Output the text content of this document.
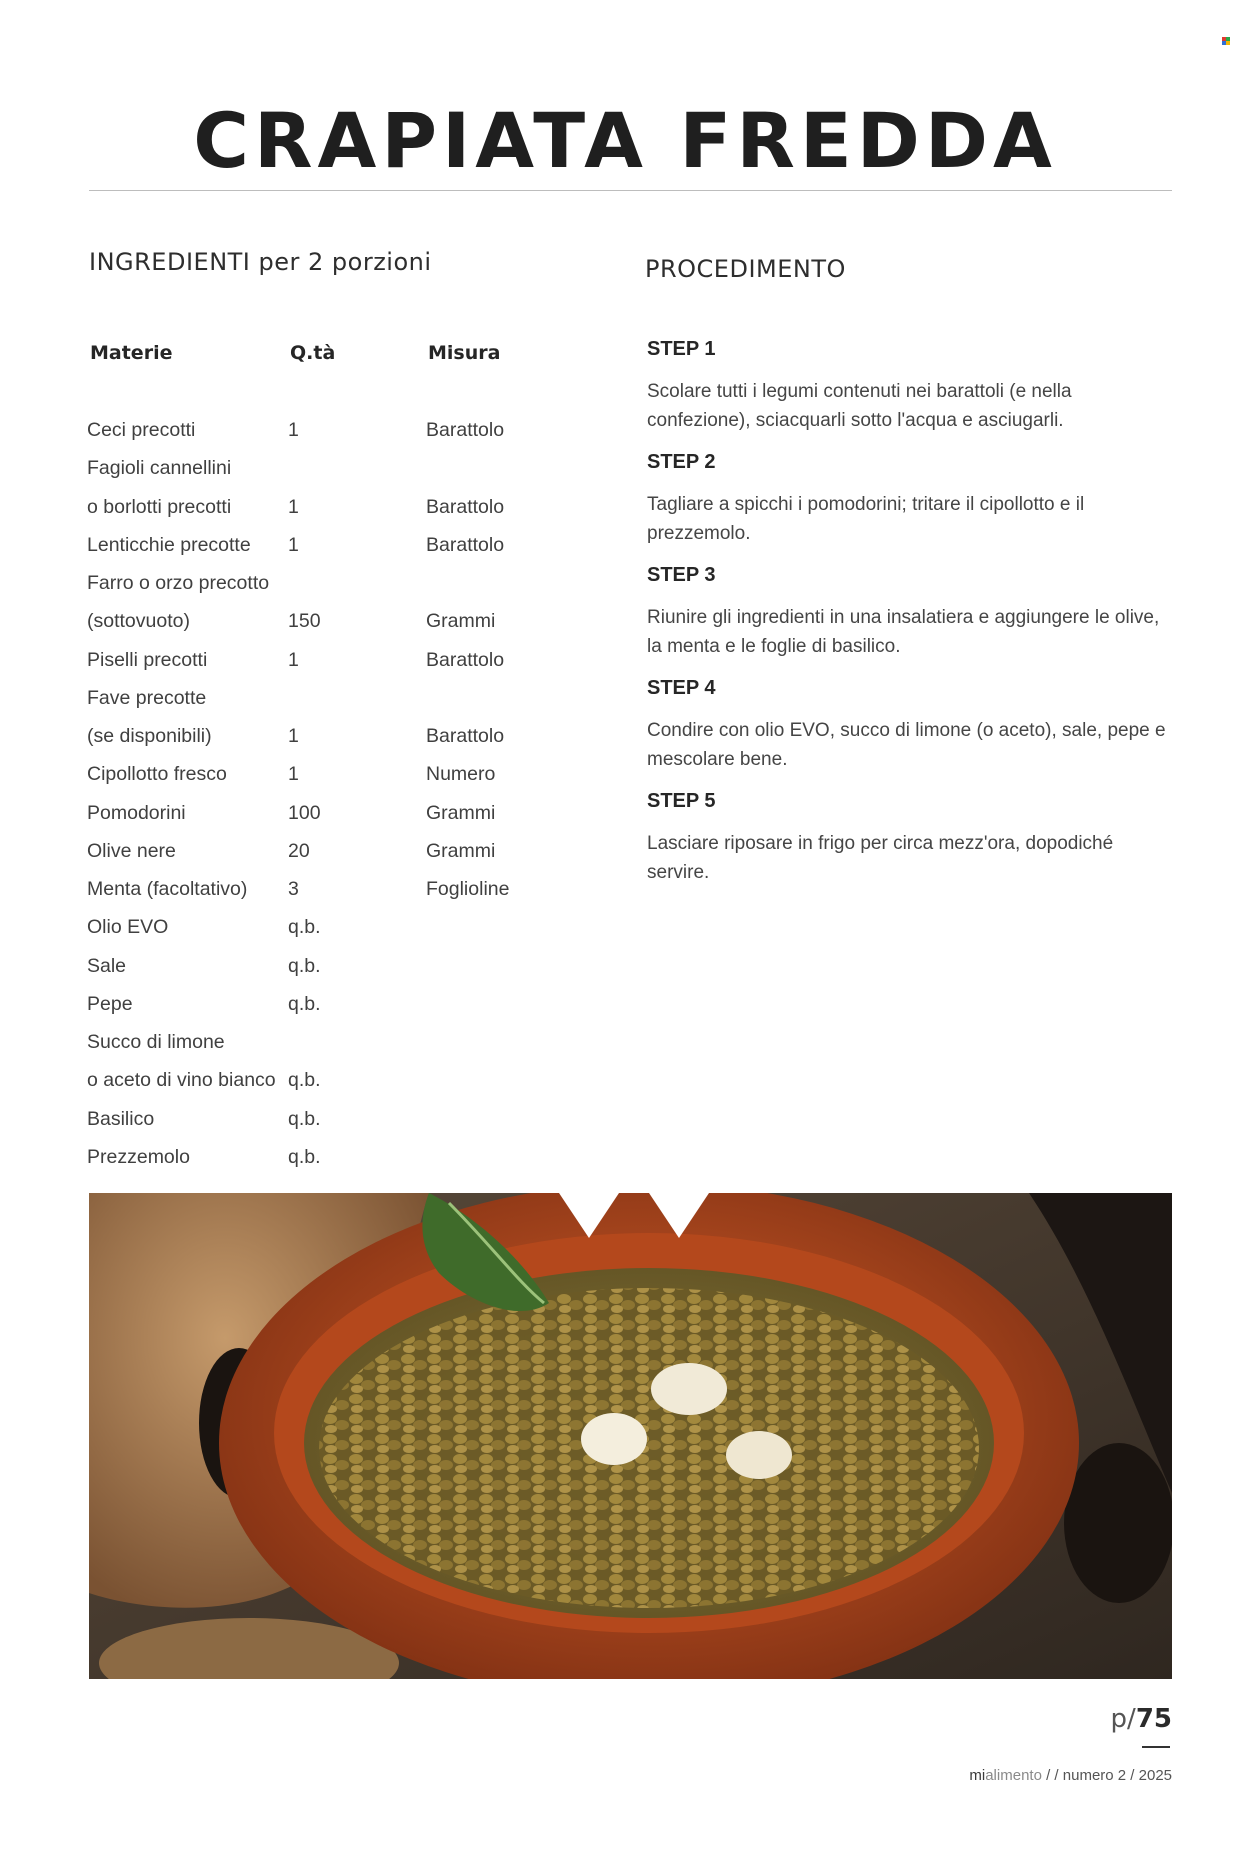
CRAPIATA FREDDA
INGREDIENTI per 2 porzioni	PROCEDIMENTO
Materie	Q.tà	Misura
Ceci precotti	1	Barattolo
Fagioli cannellini
o borlotti precotti	1	Barattolo
Lenticchie precotte 1	Barattolo
Farro o orzo precotto
(sottovuoto)	150	Grammi
Piselli precotti	1	Barattolo
Fave precotte
(se disponibili)	1	Barattolo
Cipollotto fresco	1	Numero
Pomodorini	100	Grammi
Olive nere	20	Grammi
Menta (facoltativo) 3	Foglioline
Olio EVO	q.b.
Sale	q.b.
Pepe	q.b.
Succo di limone
o aceto di vino bianco q.b.
Basilico	q.b.
Prezzemolo	q.b.
STEP 1

Scolare tutti i legumi contenuti nei barattoli (e nella confezione), sciacquarli sotto l'acqua e asciugarli.

STEP 2

Tagliare a spicchi i pomodorini; tritare il cipollotto e il prezzemolo.

STEP 3

Riunire gli ingredienti in una insalatiera e aggiungere le olive, la menta e le foglie di basilico.

STEP 4

Condire con olio EVO, succo di limone (o aceto), sale, pepe e mescolare bene.

STEP 5

Lasciare riposare in frigo per circa mezz'ora, dopodiché servire.

p/75
mialimento / / numero 2 / 2025
